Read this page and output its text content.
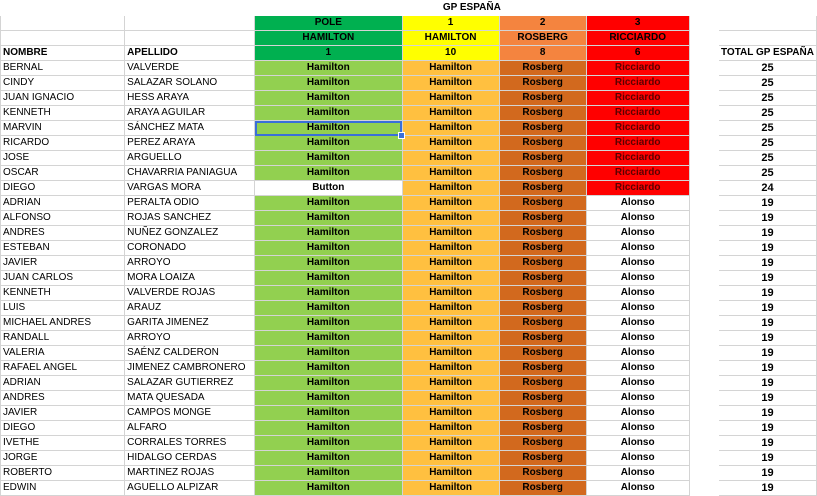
		GP ESPAÑA					
		POLE	1	2	3		
		HAMILTON	HAMILTON	ROSBERG	RICCIARDO		
NOMBRE	APELLIDO	1	10	8	6		TOTAL GP ESPAÑA
BERNAL	VALVERDE	Hamilton	Hamilton	Rosberg	Ricciardo		25
CINDY	SALAZAR SOLANO	Hamilton	Hamilton	Rosberg	Ricciardo		25
JUAN IGNACIO	HESS ARAYA	Hamilton	Hamilton	Rosberg	Ricciardo		25
KENNETH	ARAYA AGUILAR	Hamilton	Hamilton	Rosberg	Ricciardo		25
MARVIN	SÁNCHEZ MATA	Hamilton	Hamilton	Rosberg	Ricciardo		25
RICARDO	PEREZ ARAYA	Hamilton	Hamilton	Rosberg	Ricciardo		25
JOSE	ARGUELLO	Hamilton	Hamilton	Rosberg	Ricciardo		25
OSCAR	CHAVARRIA PANIAGUA	Hamilton	Hamilton	Rosberg	Ricciardo		25
DIEGO	VARGAS MORA	Button	Hamilton	Rosberg	Ricciardo		24
ADRIAN	PERALTA ODIO	Hamilton	Hamilton	Rosberg	Alonso		19
ALFONSO	ROJAS SANCHEZ	Hamilton	Hamilton	Rosberg	Alonso		19
ANDRES	NUÑEZ GONZALEZ	Hamilton	Hamilton	Rosberg	Alonso		19
ESTEBAN	CORONADO	Hamilton	Hamilton	Rosberg	Alonso		19
JAVIER	ARROYO	Hamilton	Hamilton	Rosberg	Alonso		19
JUAN CARLOS	MORA LOAIZA	Hamilton	Hamilton	Rosberg	Alonso		19
KENNETH	VALVERDE ROJAS	Hamilton	Hamilton	Rosberg	Alonso		19
LUIS	ARAUZ	Hamilton	Hamilton	Rosberg	Alonso		19
MICHAEL ANDRES	GARITA JIMENEZ	Hamilton	Hamilton	Rosberg	Alonso		19
RANDALL	ARROYO	Hamilton	Hamilton	Rosberg	Alonso		19
VALERIA	SAÉNZ CALDERON	Hamilton	Hamilton	Rosberg	Alonso		19
RAFAEL ANGEL	JIMENEZ CAMBRONERO	Hamilton	Hamilton	Rosberg	Alonso		19
ADRIAN	SALAZAR GUTIERREZ	Hamilton	Hamilton	Rosberg	Alonso		19
ANDRES	MATA QUESADA	Hamilton	Hamilton	Rosberg	Alonso		19
JAVIER	CAMPOS MONGE	Hamilton	Hamilton	Rosberg	Alonso		19
DIEGO	ALFARO	Hamilton	Hamilton	Rosberg	Alonso		19
IVETHE	CORRALES TORRES	Hamilton	Hamilton	Rosberg	Alonso		19
JORGE	HIDALGO CERDAS	Hamilton	Hamilton	Rosberg	Alonso		19
ROBERTO	MARTINEZ ROJAS	Hamilton	Hamilton	Rosberg	Alonso		19
EDWIN	AGUELLO ALPIZAR	Hamilton	Hamilton	Rosberg	Alonso		19
